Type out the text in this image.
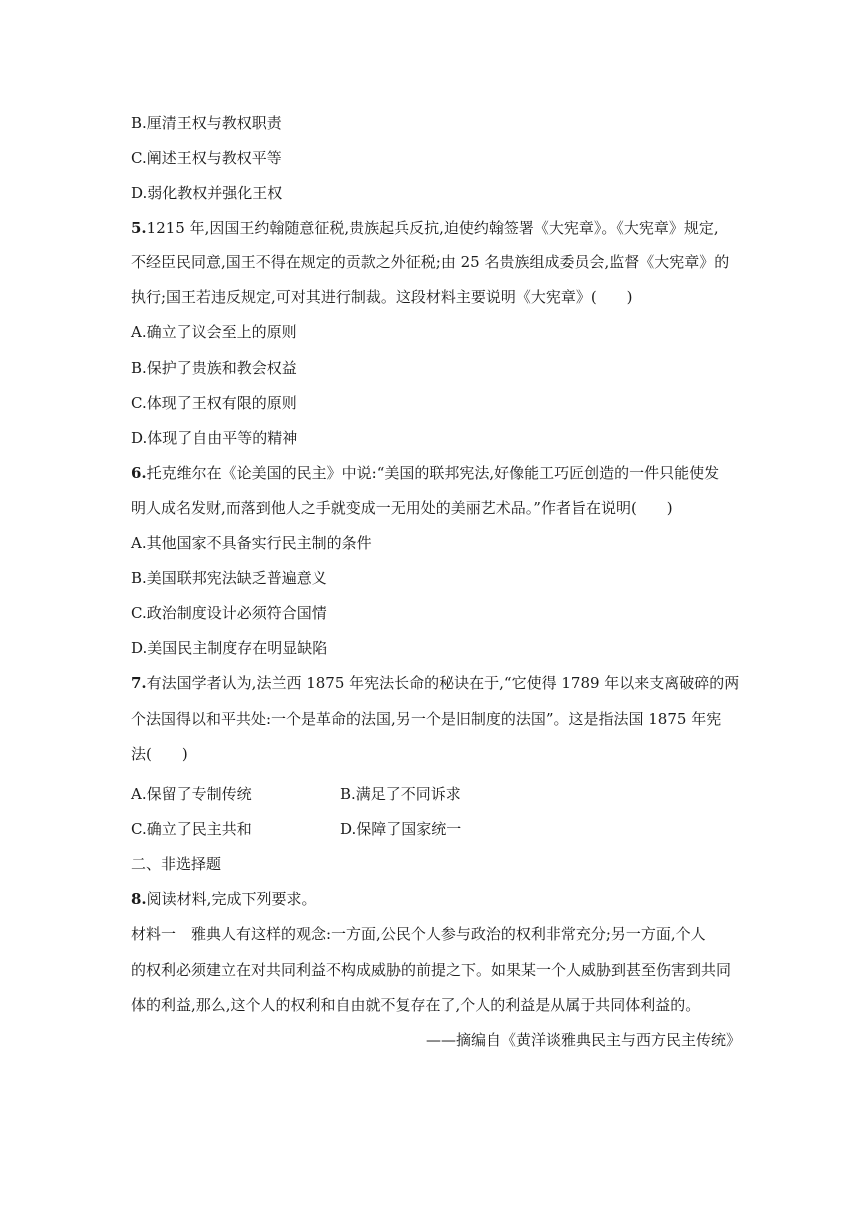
B.厘清王权与教权职责
C.阐述王权与教权平等
D.弱化教权并强化王权
5.1215 年,因国王约翰随意征税,贵族起兵反抗,迫使约翰签署《大宪章》。《大宪章》规定,
不经臣民同意,国王不得在规定的贡款之外征税;由 25 名贵族组成委员会,监督《大宪章》的
执行;国王若违反规定,可对其进行制裁。这段材料主要说明《大宪章》(　　)
A.确立了议会至上的原则
B.保护了贵族和教会权益
C.体现了王权有限的原则
D.体现了自由平等的精神
6.托克维尔在《论美国的民主》中说:“美国的联邦宪法,好像能工巧匠创造的一件只能使发
明人成名发财,而落到他人之手就变成一无用处的美丽艺术品。”作者旨在说明(　　)
A.其他国家不具备实行民主制的条件
B.美国联邦宪法缺乏普遍意义
C.政治制度设计必须符合国情
D.美国民主制度存在明显缺陷
7.有法国学者认为,法兰西 1875 年宪法长命的秘诀在于,“它使得 1789 年以来支离破碎的两
个法国得以和平共处:一个是革命的法国,另一个是旧制度的法国”。这是指法国 1875 年宪
法(　　)
A.保留了专制传统	B.满足了不同诉求
C.确立了民主共和	D.保障了国家统一
二、非选择题
8.阅读材料,完成下列要求。
材料一　雅典人有这样的观念:一方面,公民个人参与政治的权利非常充分;另一方面,个人
的权利必须建立在对共同利益不构成威胁的前提之下。如果某一个人威胁到甚至伤害到共同
体的利益,那么,这个人的权利和自由就不复存在了,个人的利益是从属于共同体利益的。
——摘编自《黄洋谈雅典民主与西方民主传统》
